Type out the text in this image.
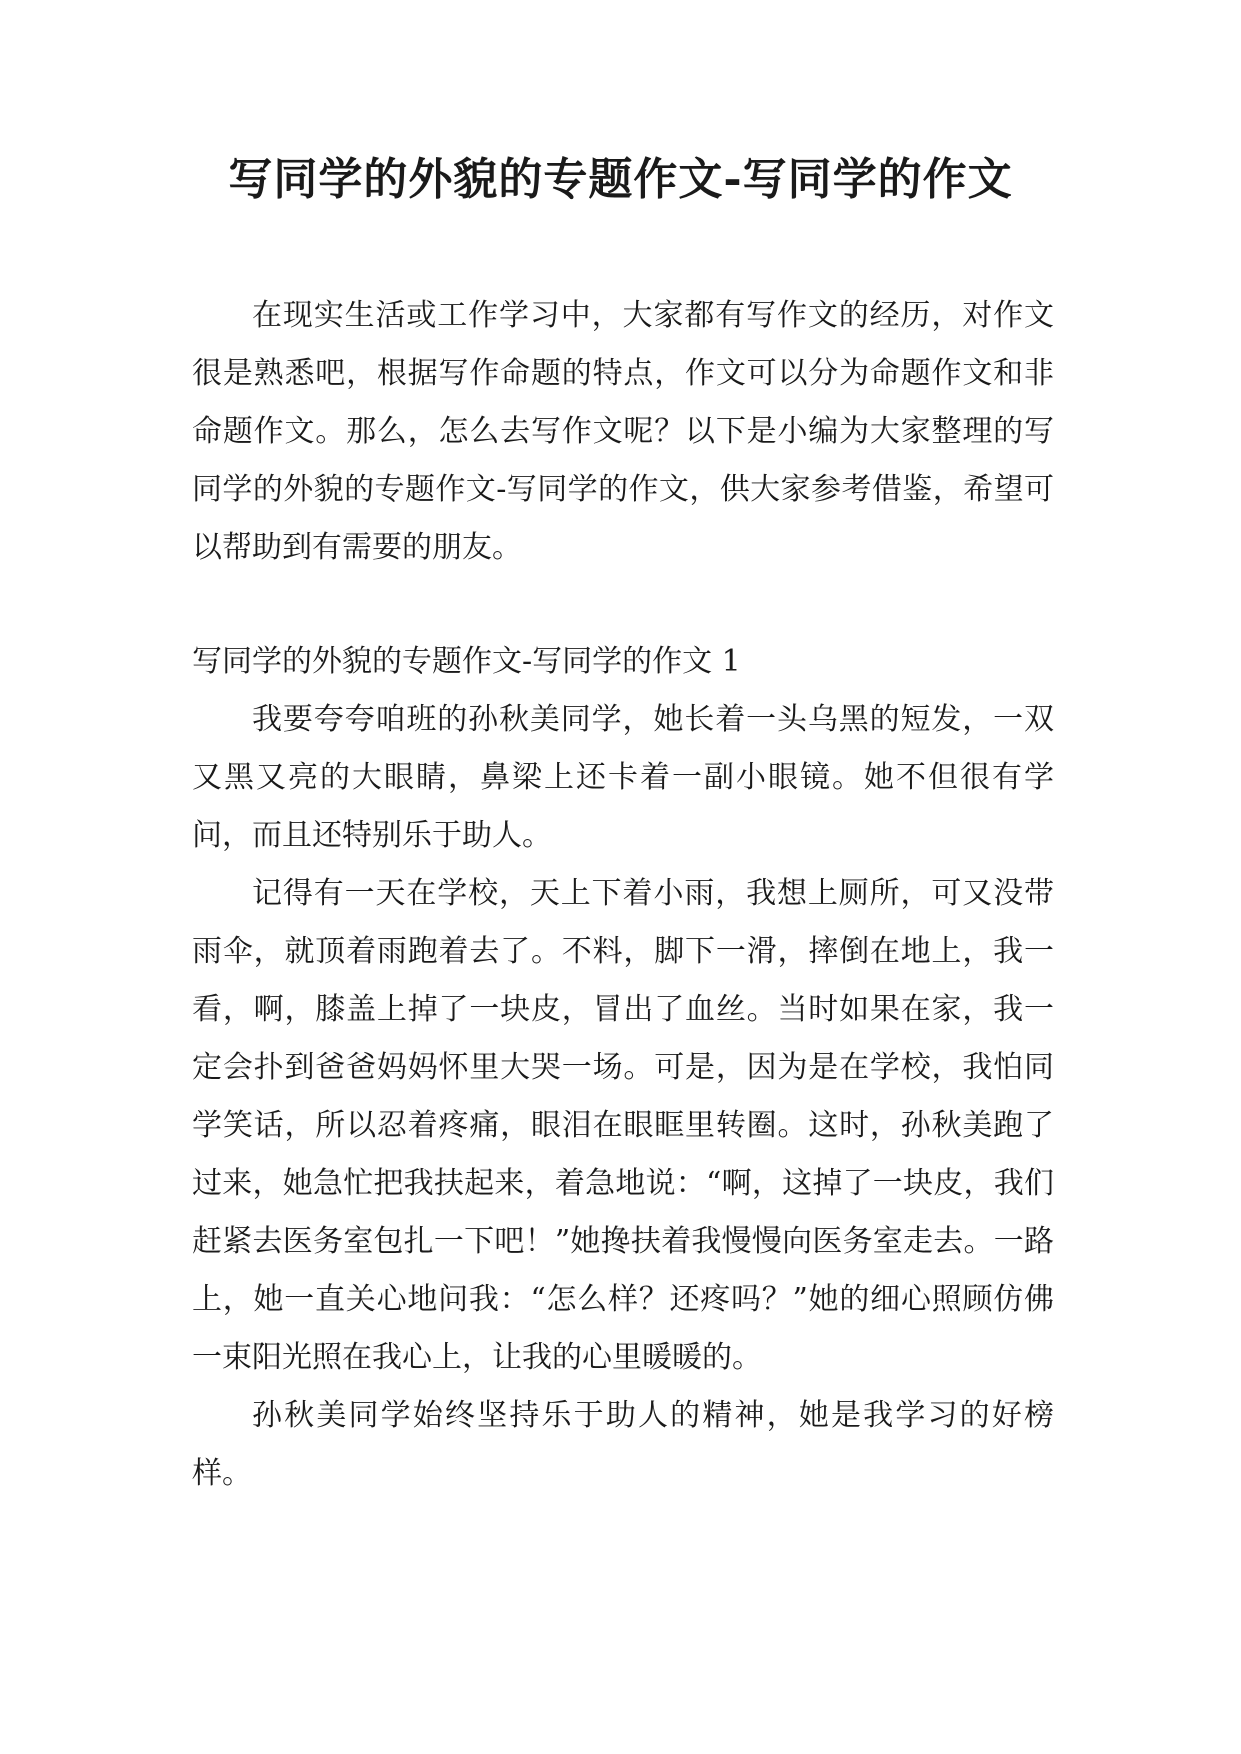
写同学的外貌的专题作文-写同学的作文

在现实生活或工作学习中，大家都有写作文的经历，对作文很是熟悉吧，根据写作命题的特点，作文可以分为命题作文和非命题作文。那么，怎么去写作文呢？以下是小编为大家整理的写同学的外貌的专题作文-写同学的作文，供大家参考借鉴，希望可以帮助到有需要的朋友。

写同学的外貌的专题作文-写同学的作文 1

我要夸夸咱班的孙秋美同学，她长着一头乌黑的短发，一双又黑又亮的大眼睛，鼻梁上还卡着一副小眼镜。她不但很有学问，而且还特别乐于助人。

记得有一天在学校，天上下着小雨，我想上厕所，可又没带雨伞，就顶着雨跑着去了。不料，脚下一滑，摔倒在地上，我一看，啊，膝盖上掉了一块皮，冒出了血丝。当时如果在家，我一定会扑到爸爸妈妈怀里大哭一场。可是，因为是在学校，我怕同学笑话，所以忍着疼痛，眼泪在眼眶里转圈。这时，孙秋美跑了过来，她急忙把我扶起来，着急地说：“啊，这掉了一块皮，我们赶紧去医务室包扎一下吧！”她搀扶着我慢慢向医务室走去。一路上，她一直关心地问我：“怎么样？还疼吗？”她的细心照顾仿佛一束阳光照在我心上，让我的心里暖暖的。

孙秋美同学始终坚持乐于助人的精神，她是我学习的好榜样。
